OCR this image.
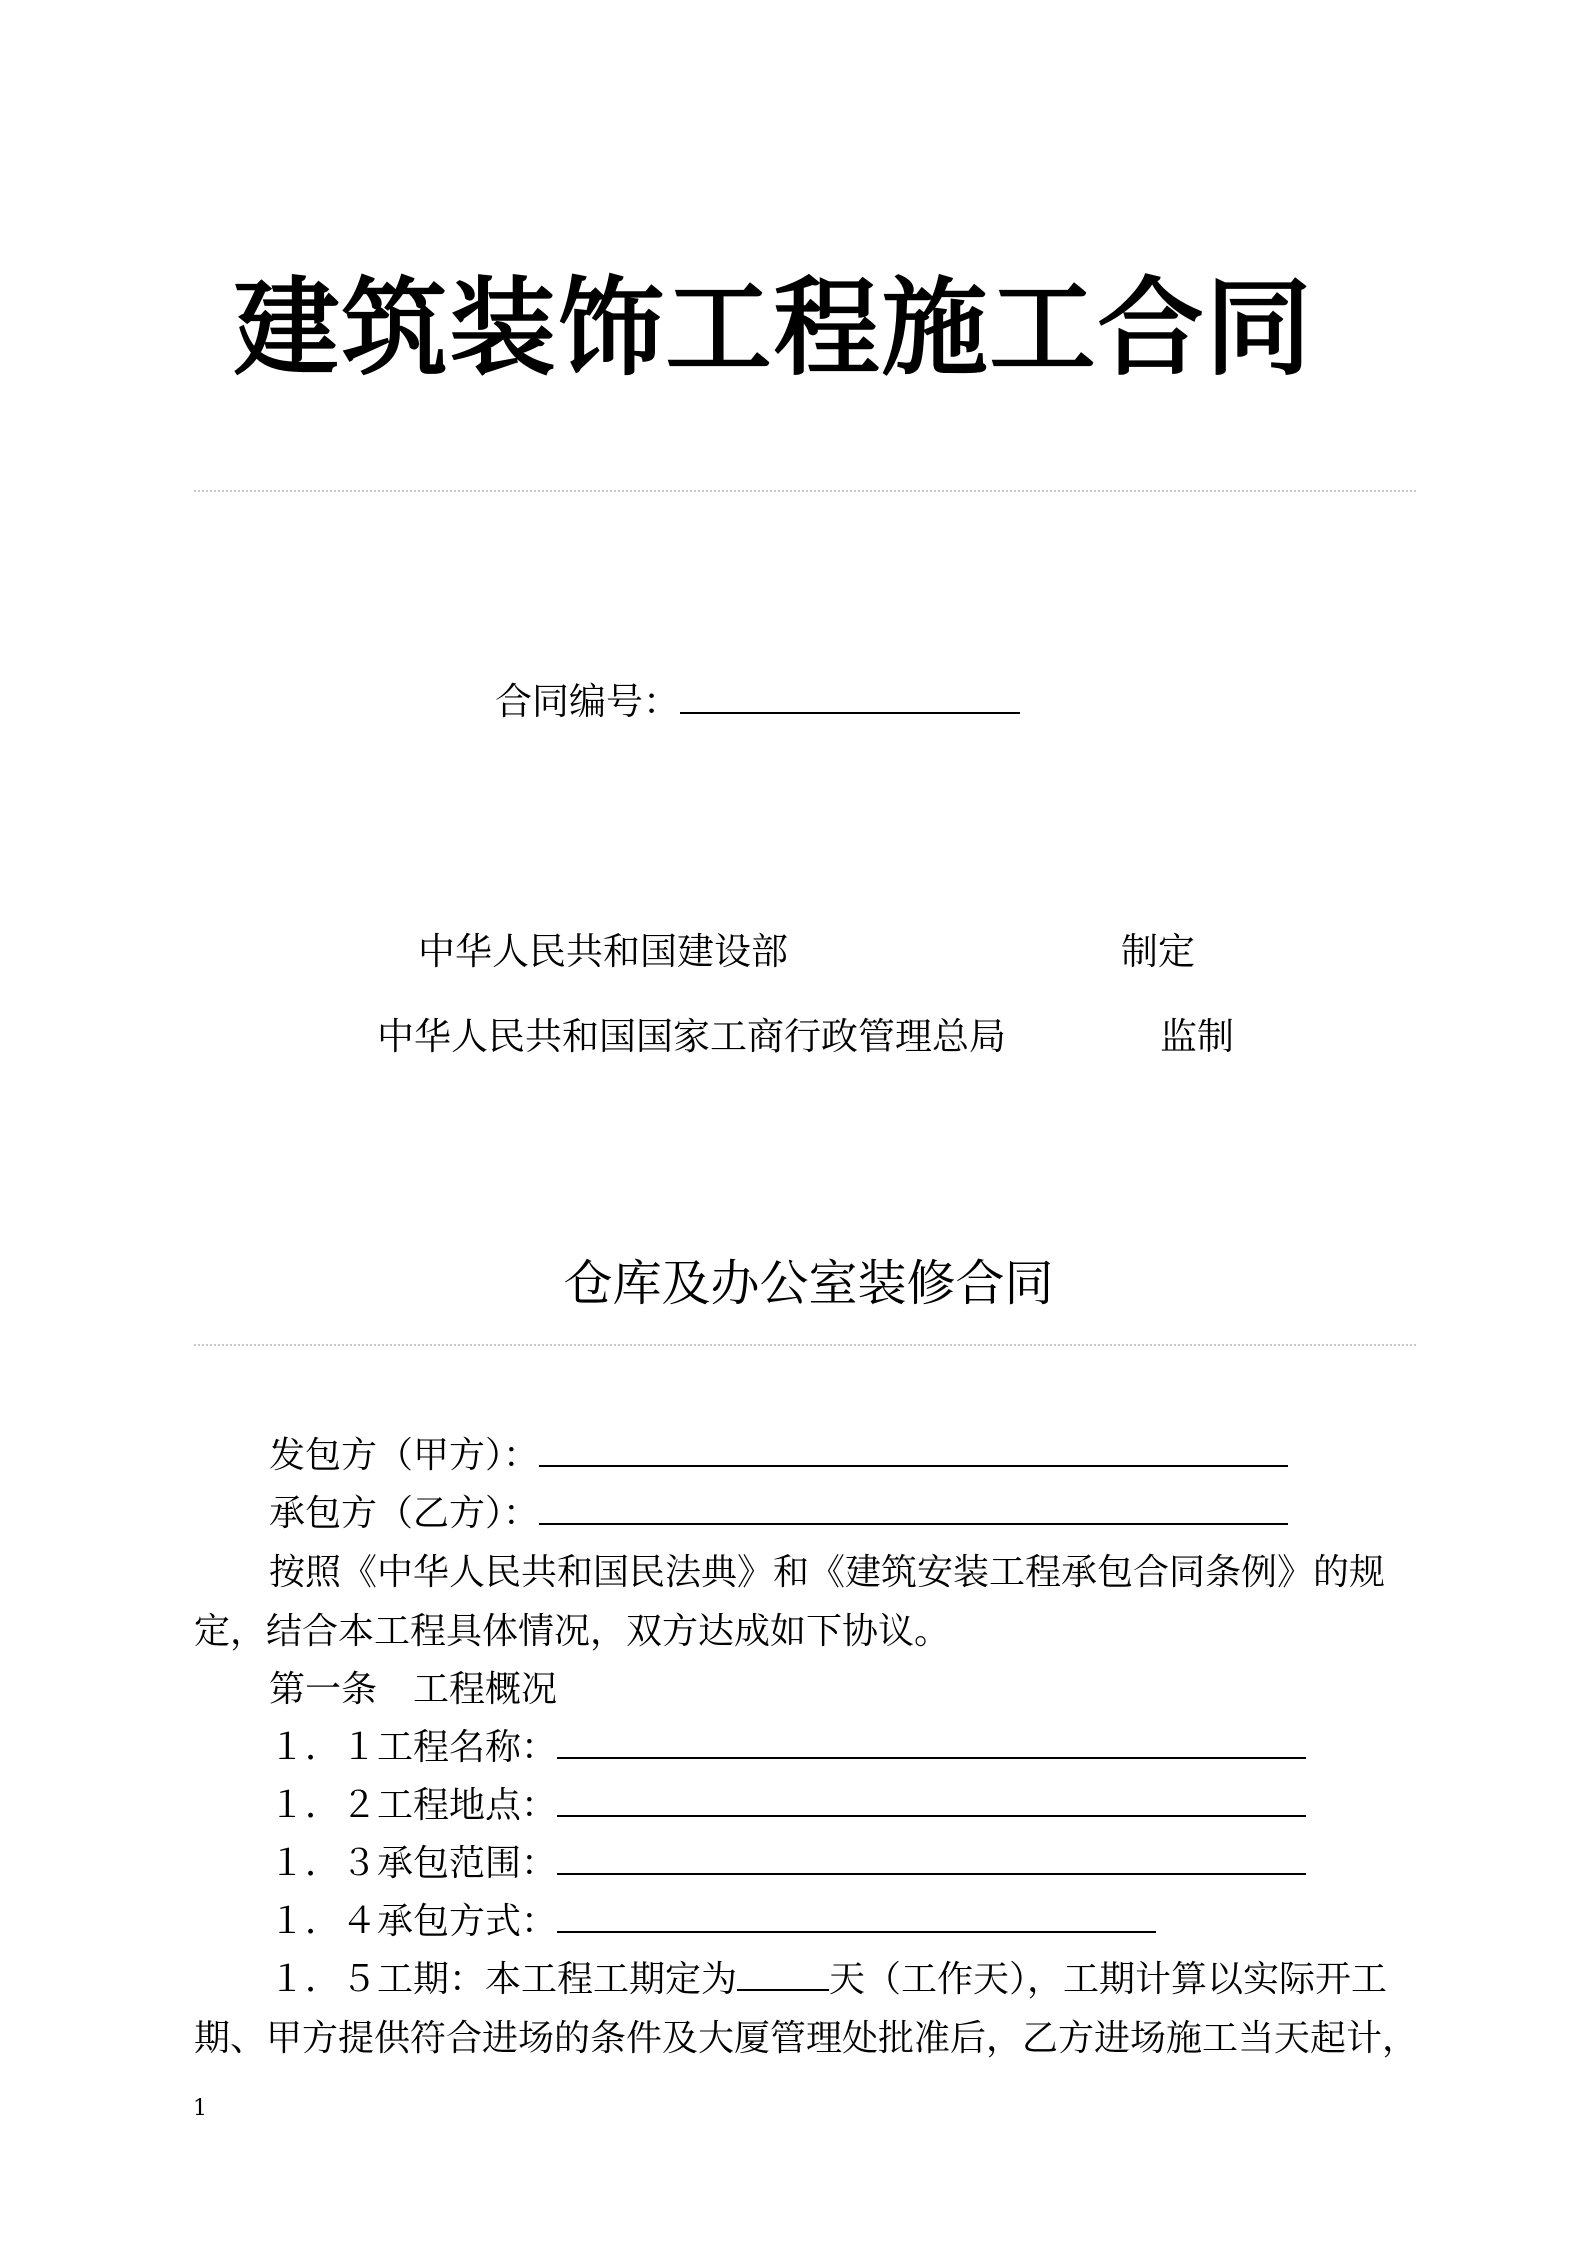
建筑装饰工程施工合同
合同编号：
中华人民共和国建设部	制定
中华人民共和国国家工商行政管理总局	监制
仓库及办公室装修合同
发包方（甲方）：
承包方（乙方）：
按照《中华人民共和国民法典》和《建筑安装工程承包合同条例》的规
定，结合本工程具体情况，双方达成如下协议。
第一条　工程概况
１．１工程名称：
１．２工程地点：
１．３承包范围：
１．４承包方式：
１．５工期：本工程工期定为	天（工作天），工期计算以实际开工
期、甲方提供符合进场的条件及大厦管理处批准后，乙方进场施工当天起计，
1
